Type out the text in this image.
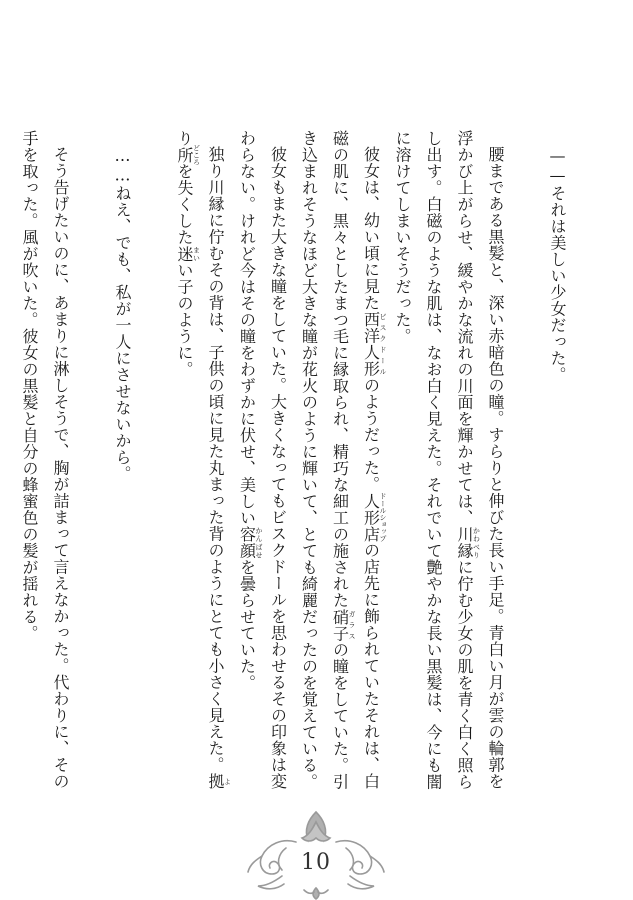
——それは美しい少女だった。

腰まである黒髪と、深い赤暗色の瞳。すらりと伸びた長い手足。青白い月が雲の輪郭を浮かび上がらせ、緩やかな流れの川面を輝かせては、川縁かわべりに佇む少女の肌を青く白く照らし出す。白磁のような肌は、なお白く見えた。それでいて艶やかな長い黒髪は、今にも闇に溶けてしまいそうだった。

彼女は、幼い頃に見た西洋人形ビスクドールのようだった。人形店ドールショップの店先に飾られていたそれは、白磁の肌に、黒々としたまつ毛に縁取られ、精巧な細工の施された硝子ガラスの瞳をしていた。引き込まれそうなほど大きな瞳が花火のように輝いて、とても綺麗だったのを覚えている。

彼女もまた大きな瞳をしていた。大きくなってもビスクドールを思わせるその印象は変わらない。けれど今はその瞳をわずかに伏せ、美しい容顔かんばせを曇らせていた。

独り川縁に佇むその背は、子供の頃に見た丸まった背のようにとても小さく見えた。拠より所どころを失くした迷まいい子のように。

……ねえ、でも、私が一人にさせないから。

そう告げたいのに、あまりに淋しそうで、胸が詰まって言えなかった。代わりに、その手を取った。風が吹いた。彼女の黒髪と自分の蜂蜜色の髪が揺れる。

10
